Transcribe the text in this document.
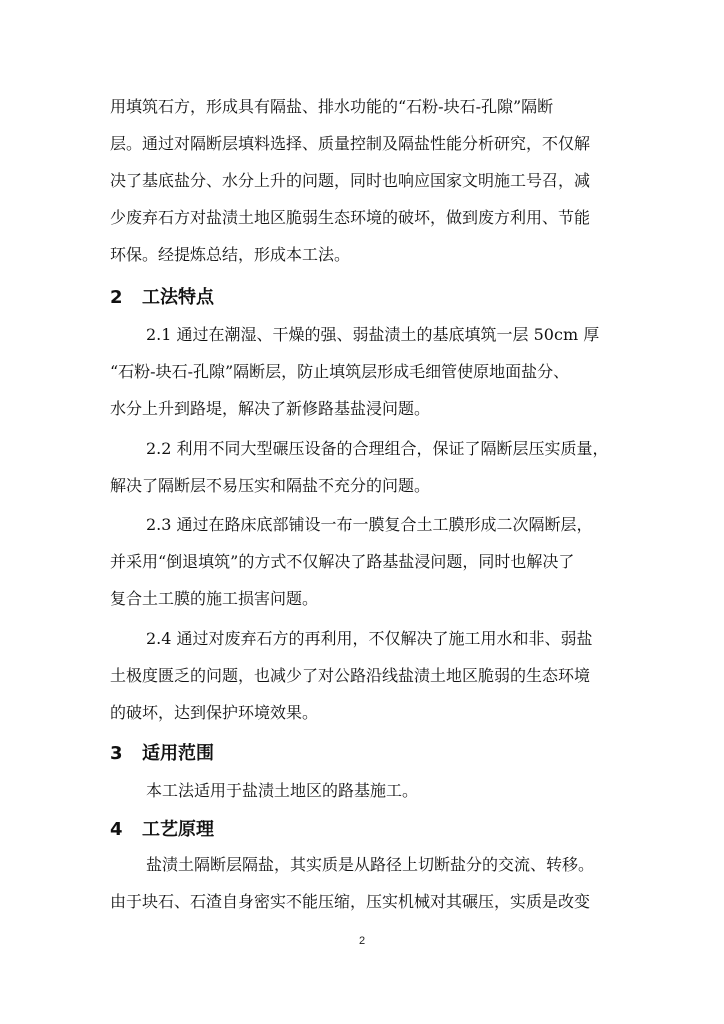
用填筑石方，形成具有隔盐、排水功能的“石粉-块石-孔隙”隔断
层。通过对隔断层填料选择、质量控制及隔盐性能分析研究，不仅解
决了基底盐分、水分上升的问题，同时也响应国家文明施工号召，减
少废弃石方对盐渍土地区脆弱生态环境的破坏，做到废方利用、节能
环保。经提炼总结，形成本工法。
2 工法特点
2.1 通过在潮湿、干燥的强、弱盐渍土的基底填筑一层 50cm 厚
“石粉-块石-孔隙”隔断层，防止填筑层形成毛细管使原地面盐分、
水分上升到路堤，解决了新修路基盐浸问题。
2.2 利用不同大型碾压设备的合理组合，保证了隔断层压实质量，
解决了隔断层不易压实和隔盐不充分的问题。
2.3 通过在路床底部铺设一布一膜复合土工膜形成二次隔断层，
并采用“倒退填筑”的方式不仅解决了路基盐浸问题，同时也解决了
复合土工膜的施工损害问题。
2.4 通过对废弃石方的再利用，不仅解决了施工用水和非、弱盐
土极度匮乏的问题，也减少了对公路沿线盐渍土地区脆弱的生态环境
的破坏，达到保护环境效果。
3 适用范围
本工法适用于盐渍土地区的路基施工。
4 工艺原理
盐渍土隔断层隔盐，其实质是从路径上切断盐分的交流、转移。
由于块石、石渣自身密实不能压缩，压实机械对其碾压，实质是改变
2
